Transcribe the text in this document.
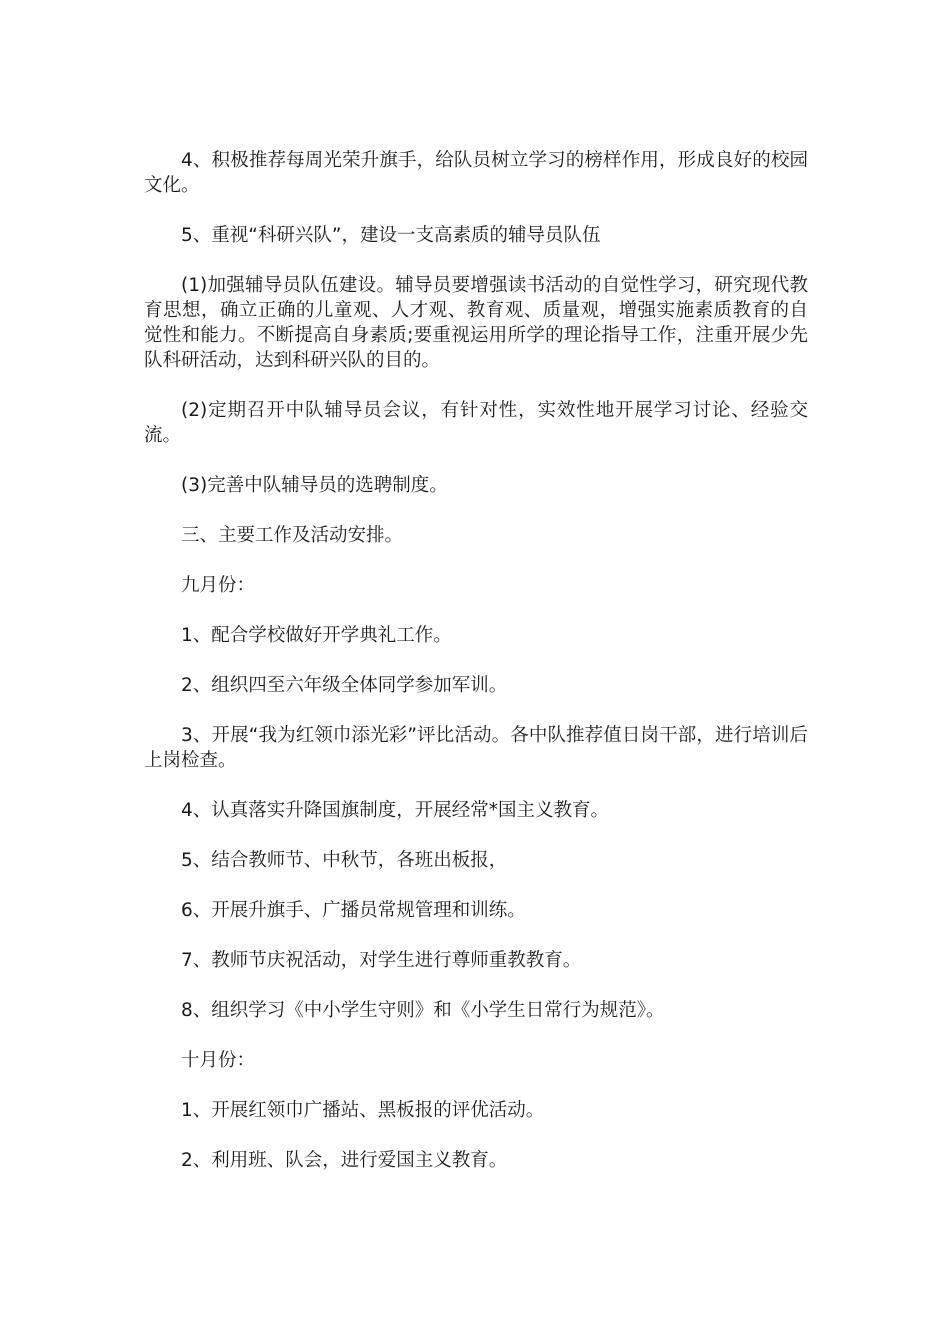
4、积极推荐每周光荣升旗手，给队员树立学习的榜样作用，形成良好的校园文化。

5、重视“科研兴队”，建设一支高素质的辅导员队伍

(1)加强辅导员队伍建设。辅导员要增强读书活动的自觉性学习，研究现代教育思想，确立正确的儿童观、人才观、教育观、质量观，增强实施素质教育的自觉性和能力。不断提高自身素质;要重视运用所学的理论指导工作，注重开展少先队科研活动，达到科研兴队的目的。

(2)定期召开中队辅导员会议，有针对性，实效性地开展学习讨论、经验交流。

(3)完善中队辅导员的选聘制度。

三、主要工作及活动安排。

九月份：

1、配合学校做好开学典礼工作。

2、组织四至六年级全体同学参加军训。

3、开展“我为红领巾添光彩”评比活动。各中队推荐值日岗干部，进行培训后上岗检查。

4、认真落实升降国旗制度，开展经常*国主义教育。

5、结合教师节、中秋节，各班出板报，

6、开展升旗手、广播员常规管理和训练。

7、教师节庆祝活动，对学生进行尊师重教教育。

8、组织学习《中小学生守则》和《小学生日常行为规范》。

十月份：

1、开展红领巾广播站、黑板报的评优活动。

2、利用班、队会，进行爱国主义教育。
